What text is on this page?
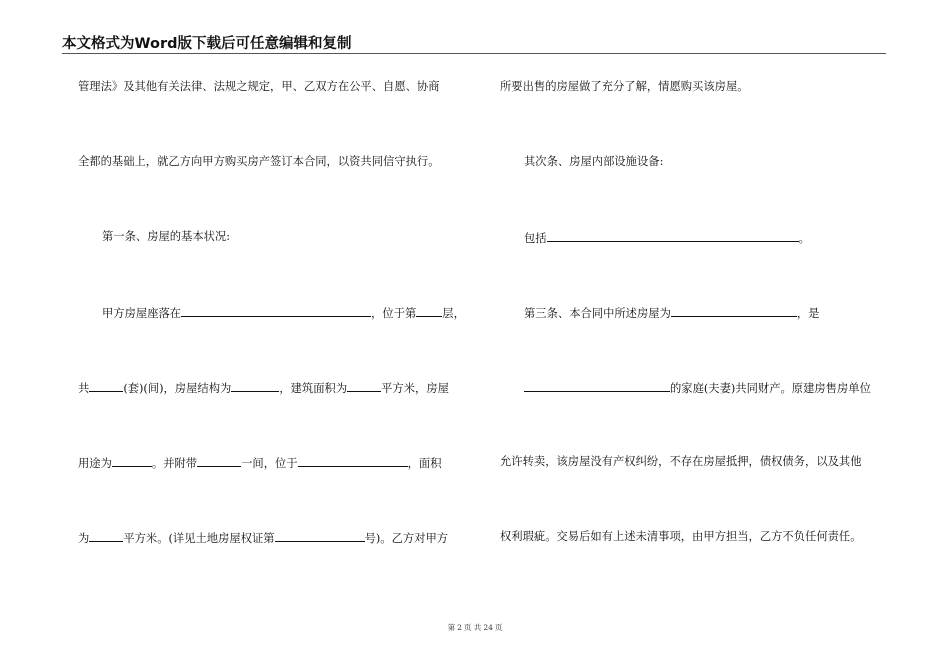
本文格式为Word版下载后可任意编辑和复制
管理法》及其他有关法律、法规之规定，甲、乙双方在公平、自愿、协商
全都的基础上，就乙方向甲方购买房产签订本合同，以资共同信守执行。
第一条、房屋的基本状况:
甲方房屋座落在	，位于第 层，
共	(套)(间)，房屋结构为	，建筑面积为	平方米，房屋
用途为	。并附带	一间，位于	，面积
为	平方米。(详见土地房屋权证第	号)。乙方对甲方
所要出售的房屋做了充分了解，情愿购买该房屋。
其次条、房屋内部设施设备:
包括	。
第三条、本合同中所述房屋为	，是
的家庭(夫妻)共同财产。原建房售房单位
允许转卖，该房屋没有产权纠纷，不存在房屋抵押，债权债务，以及其他
权利瑕疵。交易后如有上述未清事项，由甲方担当，乙方不负任何责任。
第 2 页 共 24 页
